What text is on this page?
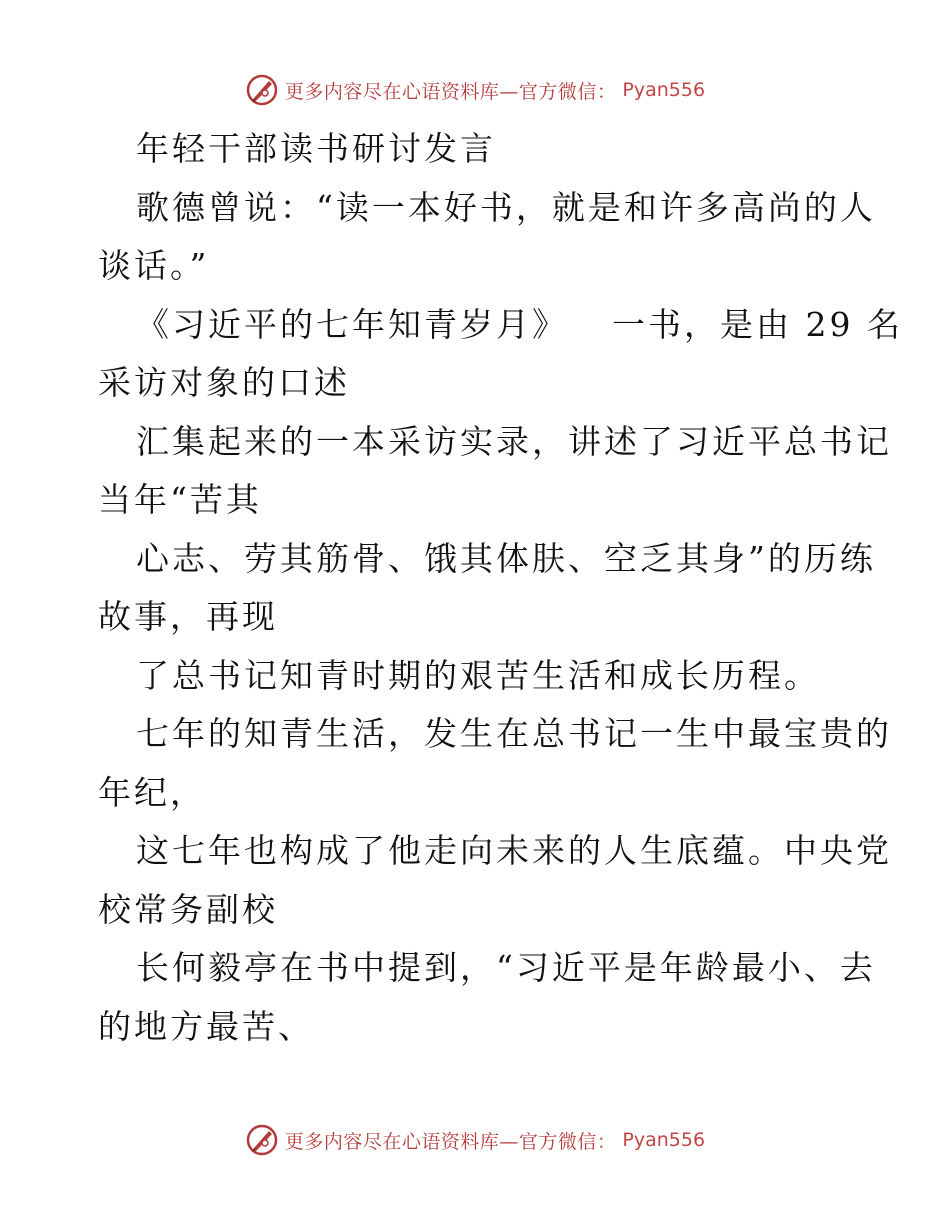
更多内容尽在心语资料库—官方微信： Pyan556
年轻干部读书研讨发言
歌德曾说：“读一本好书，就是和许多高尚的人
谈话。”
《习近平的七年知青岁月》 一书，是由 29 名
采访对象的口述
汇集起来的一本采访实录，讲述了习近平总书记
当年“苦其
心志、劳其筋骨、饿其体肤、空乏其身”的历练
故事，再现
了总书记知青时期的艰苦生活和成长历程。
七年的知青生活，发生在总书记一生中最宝贵的
年纪，
这七年也构成了他走向未来的人生底蕴。中央党
校常务副校
长何毅亭在书中提到，“习近平是年龄最小、去
的地方最苦、
更多内容尽在心语资料库—官方微信： Pyan556
